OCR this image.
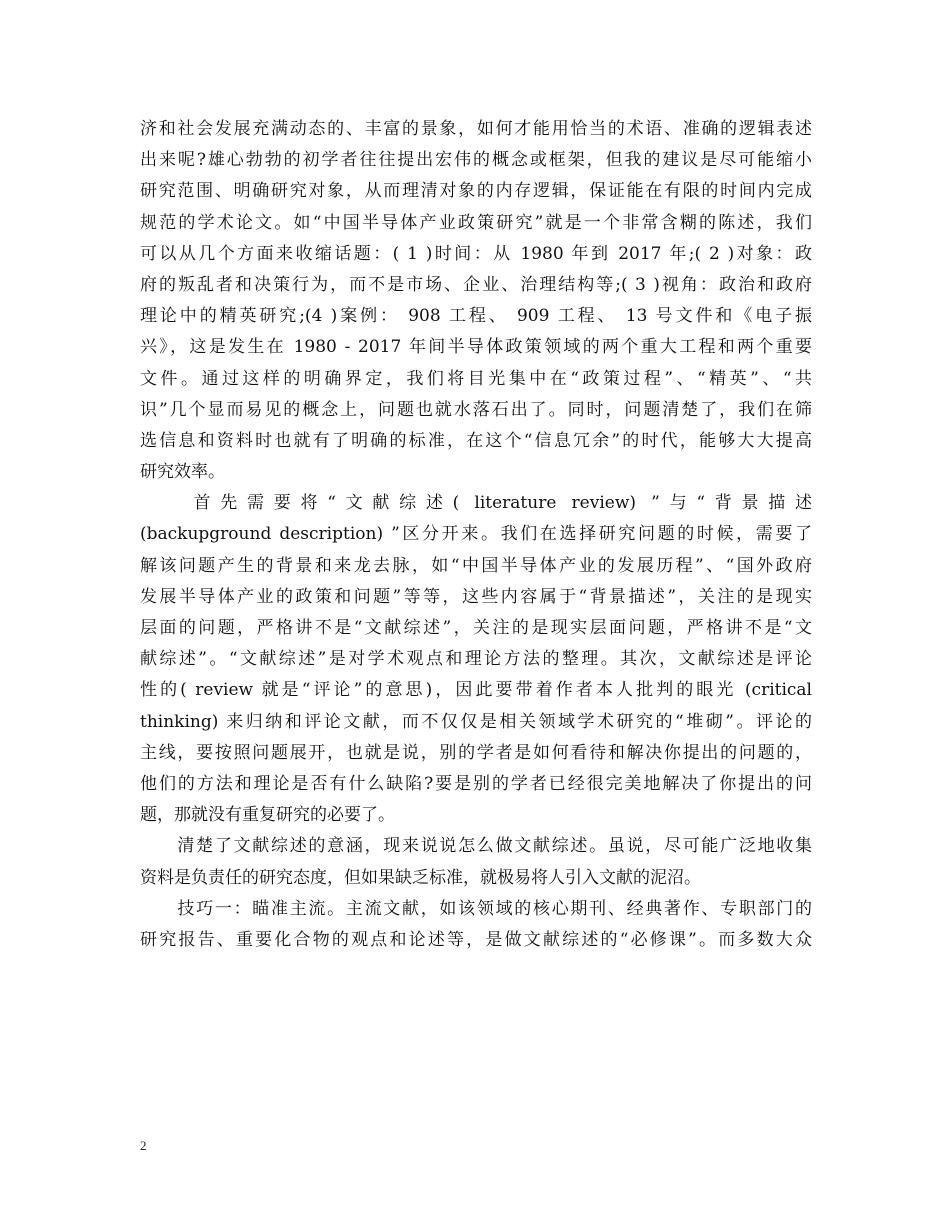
济和社会发展充满动态的、丰富的景象，如何才能用恰当的术语、准确的逻辑表述
出来呢?雄心勃勃的初学者往往提出宏伟的概念或框架，但我的建议是尽可能缩小
研究范围、明确研究对象，从而理清对象的内存逻辑，保证能在有限的时间内完成
规范的学术论文。如“中国半导体产业政策研究”就是一个非常含糊的陈述，我们
可以从几个方面来收缩话题：( 1 )时间：从 1980 年到 2017 年;( 2 )对象：政
府的叛乱者和决策行为，而不是市场、企业、治理结构等;( 3 )视角：政治和政府
理论中的精英研究;(4 )案例： 908 工程、 909 工程、 13 号文件和《电子振
兴》，这是发生在 1980 - 2017 年间半导体政策领域的两个重大工程和两个重要
文件。通过这样的明确界定，我们将目光集中在“政策过程”、“精英”、“共
识”几个显而易见的概念上，问题也就水落石出了。同时，问题清楚了，我们在筛
选信息和资料时也就有了明确的标准，在这个“信息冗余”的时代，能够大大提高
研究效率。
　　首先需要将“文献综述( literature review) ”与“背景描述
(backupground description) ”区分开来。我们在选择研究问题的时候，需要了
解该问题产生的背景和来龙去脉，如“中国半导体产业的发展历程”、“国外政府
发展半导体产业的政策和问题”等等，这些内容属于“背景描述”，关注的是现实
层面的问题，严格讲不是“文献综述”，关注的是现实层面问题，严格讲不是“文
献综述”。“文献综述”是对学术观点和理论方法的整理。其次，文献综述是评论
性的( review 就是“评论”的意思)，因此要带着作者本人批判的眼光 (critical
thinking) 来归纳和评论文献，而不仅仅是相关领域学术研究的“堆砌”。评论的
主线，要按照问题展开，也就是说，别的学者是如何看待和解决你提出的问题的，
他们的方法和理论是否有什么缺陷?要是别的学者已经很完美地解决了你提出的问
题，那就没有重复研究的必要了。
　　清楚了文献综述的意涵，现来说说怎么做文献综述。虽说，尽可能广泛地收集
资料是负责任的研究态度，但如果缺乏标准，就极易将人引入文献的泥沼。
　　技巧一：瞄准主流。主流文献，如该领域的核心期刊、经典著作、专职部门的
研究报告、重要化合物的观点和论述等，是做文献综述的“必修课”。而多数大众
2
